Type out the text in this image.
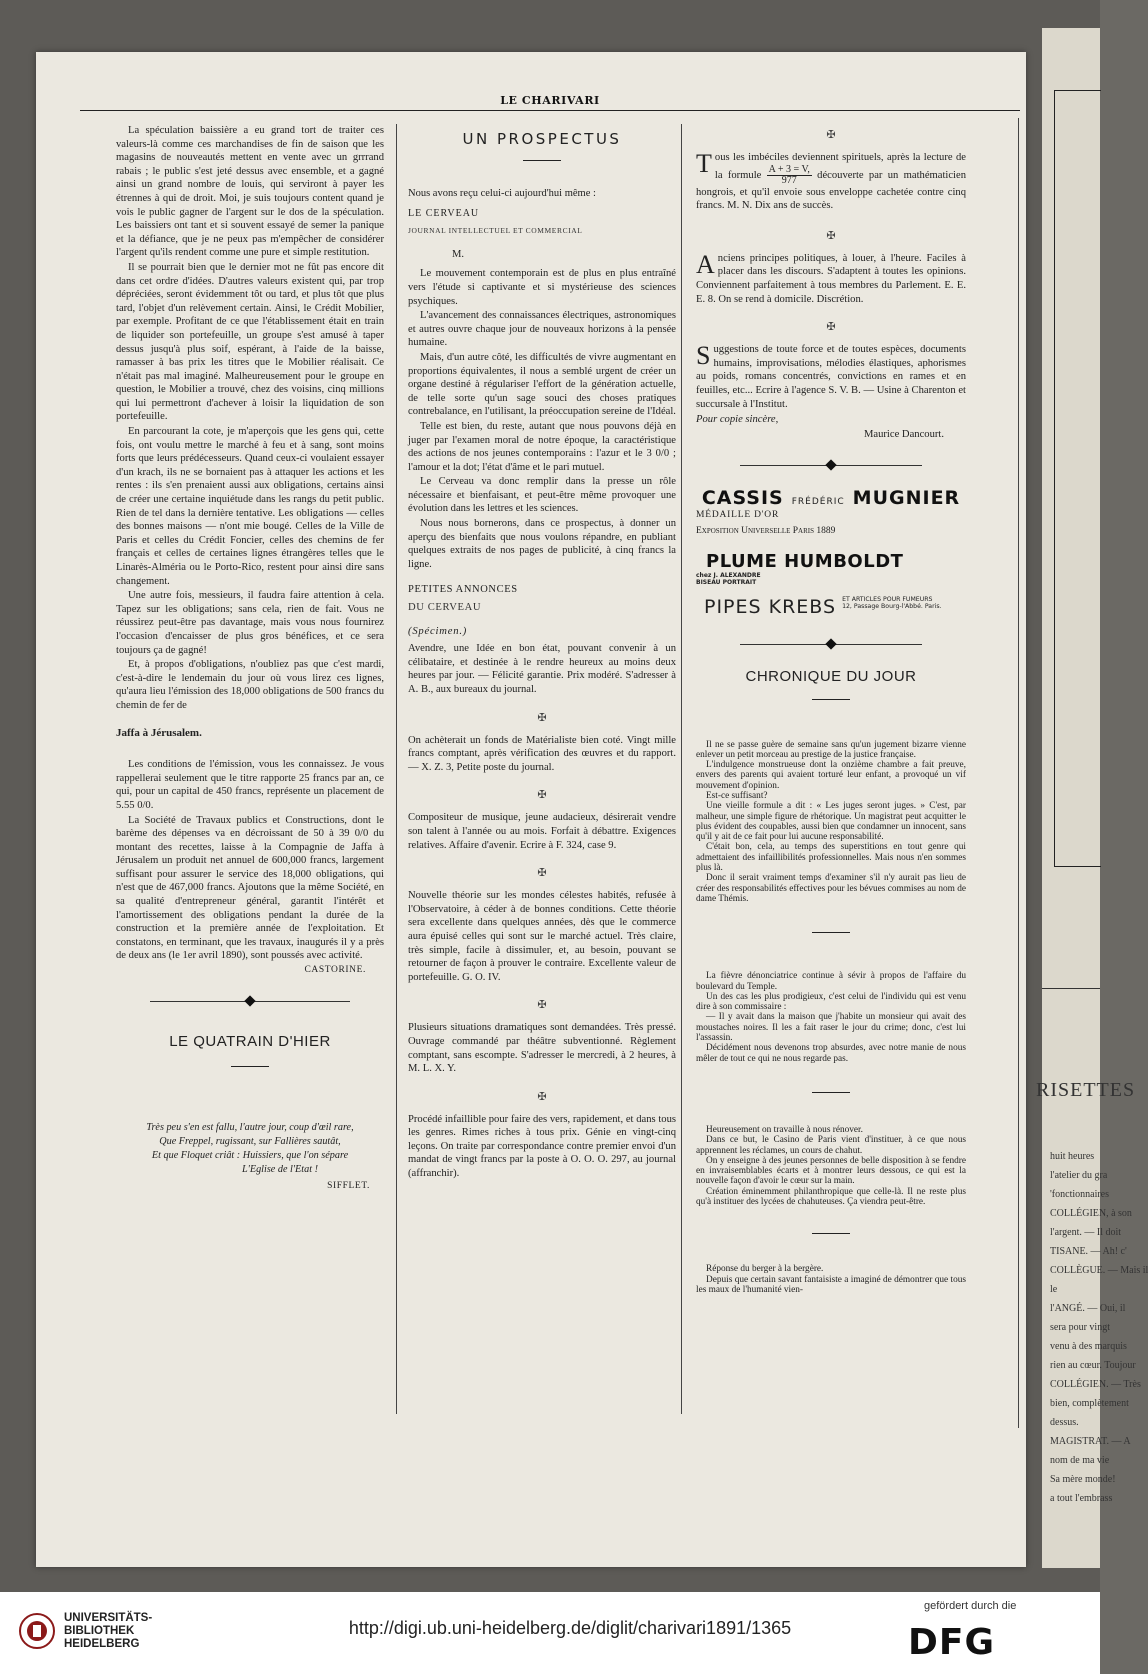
RISETTES
huit heures
l'atelier du gra
'fonctionnaires
COLLÉGIEN, à son
l'argent. — Il doit
TISANE. — Ah! c'
COLLÈGUE. — Mais il
le
l'ANGÉ. — Oui, il
sera pour vingt
venu à des marquis
rien au cœur. Toujour
COLLÉGIEN. — Très
bien, complètement
dessus.
MAGISTRAT. — A
nom de ma vie
Sa mère monde!
a tout l'embrass
LE CHARIVARI

La spéculation baissière a eu grand tort de traiter ces valeurs-là comme ces marchandises de fin de saison que les magasins de nouveautés mettent en vente avec un grrrand rabais ; le public s'est jeté dessus avec ensemble, et a gagné ainsi un grand nombre de louis, qui serviront à payer les étrennes à qui de droit. Moi, je suis toujours content quand je vois le public gagner de l'argent sur le dos de la spéculation. Les baissiers ont tant et si souvent essayé de semer la panique et la défiance, que je ne peux pas m'empêcher de considérer l'argent qu'ils rendent comme une pure et simple restitution.

Il se pourrait bien que le dernier mot ne fût pas encore dit dans cet ordre d'idées. D'autres valeurs existent qui, par trop dépréciées, seront évidemment tôt ou tard, et plus tôt que plus tard, l'objet d'un relèvement certain. Ainsi, le Crédit Mobilier, par exemple. Profitant de ce que l'établissement était en train de liquider son portefeuille, un groupe s'est amusé à taper dessus jusqu'à plus soif, espérant, à l'aide de la baisse, ramasser à bas prix les titres que le Mobilier réalisait. Ce n'était pas mal imaginé. Malheureusement pour le groupe en question, le Mobilier a trouvé, chez des voisins, cinq millions qui lui permettront d'achever à loisir la liquidation de son portefeuille.

En parcourant la cote, je m'aperçois que les gens qui, cette fois, ont voulu mettre le marché à feu et à sang, sont moins forts que leurs prédécesseurs. Quand ceux-ci voulaient essayer d'un krach, ils ne se bornaient pas à attaquer les actions et les rentes : ils s'en prenaient aussi aux obligations, certains ainsi de créer une certaine inquiétude dans les rangs du petit public. Rien de tel dans la dernière tentative. Les obligations — celles des bonnes maisons — n'ont mie bougé. Celles de la Ville de Paris et celles du Crédit Foncier, celles des chemins de fer français et celles de certaines lignes étrangères telles que le Linarès-Alméria ou le Porto-Rico, restent pour ainsi dire sans changement.

Une autre fois, messieurs, il faudra faire attention à cela. Tapez sur les obligations; sans cela, rien de fait. Vous ne réussirez peut-être pas davantage, mais vous nous fournirez l'occasion d'encaisser de plus gros bénéfices, et ce sera toujours ça de gagné!

Et, à propos d'obligations, n'oubliez pas que c'est mardi, c'est-à-dire le lendemain du jour où vous lirez ces lignes, qu'aura lieu l'émission des 18,000 obligations de 500 francs du chemin de fer de

Jaffa à Jérusalem.

Les conditions de l'émission, vous les connaissez. Je vous rappellerai seulement que le titre rapporte 25 francs par an, ce qui, pour un capital de 450 francs, représente un placement de 5.55 0/0.

La Société de Travaux publics et Constructions, dont le barème des dépenses va en décroissant de 50 à 39 0/0 du montant des recettes, laisse à la Compagnie de Jaffa à Jérusalem un produit net annuel de 600,000 francs, largement suffisant pour assurer le service des 18,000 obligations, qui n'est que de 467,000 francs. Ajoutons que la même Société, en sa qualité d'entrepreneur général, garantit l'intérêt et l'amortissement des obligations pendant la durée de la construction et la première année de l'exploitation. Et constatons, en terminant, que les travaux, inaugurés il y a près de deux ans (le 1er avril 1890), sont poussés avec activité.

CASTORINE.
LE QUATRAIN D'HIER
Très peu s'en est fallu, l'autre jour, coup d'œil rare,
Que Freppel, rugissant, sur Fallières sautât,
Et que Floquet criât : Huissiers, que l'on sépare
L'Eglise de l'Etat !
SIFFLET.
UN PROSPECTUS

Nous avons reçu celui-ci aujourd'hui même :

LE CERVEAU

JOURNAL INTELLECTUEL ET COMMERCIAL

M.

Le mouvement contemporain est de plus en plus entraîné vers l'étude si captivante et si mystérieuse des sciences psychiques.

L'avancement des connaissances électriques, astronomiques et autres ouvre chaque jour de nouveaux horizons à la pensée humaine.

Mais, d'un autre côté, les difficultés de vivre augmentant en proportions équivalentes, il nous a semblé urgent de créer un organe destiné à régulariser l'effort de la génération actuelle, de telle sorte qu'un sage souci des choses pratiques contrebalance, en l'utilisant, la préoccupation sereine de l'Idéal.

Telle est bien, du reste, autant que nous pouvons déjà en juger par l'examen moral de notre époque, la caractéristique des actions de nos jeunes contemporains : l'azur et le 3 0/0 ; l'amour et la dot; l'état d'âme et le pari mutuel.

Le Cerveau va donc remplir dans la presse un rôle nécessaire et bienfaisant, et peut-être même provoquer une évolution dans les lettres et les sciences.

Nous nous bornerons, dans ce prospectus, à donner un aperçu des bienfaits que nous voulons répandre, en publiant quelques extraits de nos pages de publicité, à cinq francs la ligne.

PETITES ANNONCES

DU CERVEAU

(Spécimen.)

Avendre, une Idée en bon état, pouvant convenir à un célibataire, et destinée à le rendre heureux au moins deux heures par jour. — Félicité garantie. Prix modéré. S'adresser à A. B., aux bureaux du journal.

✠

On achèterait un fonds de Matérialiste bien coté. Vingt mille francs comptant, après vérification des œuvres et du rapport. — X. Z. 3, Petite poste du journal.

✠

Compositeur de musique, jeune audacieux, désirerait vendre son talent à l'année ou au mois. Forfait à débattre. Exigences relatives. Affaire d'avenir. Ecrire à F. 324, case 9.

✠

Nouvelle théorie sur les mondes célestes habités, refusée à l'Observatoire, à céder à de bonnes conditions. Cette théorie sera excellente dans quelques années, dès que le commerce aura épuisé celles qui sont sur le marché actuel. Très claire, très simple, facile à dissimuler, et, au besoin, pouvant se retourner de façon à prouver le contraire. Excellente valeur de portefeuille. G. O. IV.

✠

Plusieurs situations dramatiques sont demandées. Très pressé. Ouvrage commandé par théâtre subventionné. Règlement comptant, sans escompte. S'adresser le mercredi, à 2 heures, à M. L. X. Y.

✠

Procédé infaillible pour faire des vers, rapidement, et dans tous les genres. Rimes riches à tous prix. Génie en vingt-cinq leçons. On traite par correspondance contre premier envoi d'un mandat de vingt francs par la poste à O. O. O. 297, au journal (affranchir).

✠

Tous les imbéciles deviennent spirituels, après la lecture de la formule $\frac{A + 3 = V,}{977}$ découverte par un mathématicien hongrois, et qu'il envoie sous enveloppe cachetée contre cinq francs. M. N. Dix ans de succès.

✠

Anciens principes politiques, à louer, à l'heure. Faciles à placer dans les discours. S'adaptent à toutes les opinions. Conviennent parfaitement à tous membres du Parlement. E. E. E. 8. On se rend à domicile. Discrétion.

✠

Suggestions de toute force et de toutes espèces, documents humains, improvisations, mélodies élastiques, aphorismes au poids, romans concentrés, convictions en rames et en feuilles, etc... Ecrire à l'agence S. V. B. — Usine à Charenton et succursale à l'Institut.

Pour copie sincère,

Maurice Dancourt.

CASSIS FRÉDÉRIC MUGNIER

MÉDAILLE D'OR

Exposition Universelle Paris 1889

PLUME HUMBOLDT chez J. ALEXANDRE
BISEAU PORTRAIT
PIPES KREBS ET ARTICLES POUR FUMEURS
12, Passage Bourg-l'Abbé. Paris.
CHRONIQUE DU JOUR

Il ne se passe guère de semaine sans qu'un jugement bizarre vienne enlever un petit morceau au prestige de la justice française.

L'indulgence monstrueuse dont la onzième chambre a fait preuve, envers des parents qui avaient torturé leur enfant, a provoqué un vif mouvement d'opinion.

Est-ce suffisant?

Une vieille formule a dit : « Les juges seront juges. » C'est, par malheur, une simple figure de rhétorique. Un magistrat peut acquitter le plus évident des coupables, aussi bien que condamner un innocent, sans qu'il y ait de ce fait pour lui aucune responsabilité.

C'était bon, cela, au temps des superstitions en tout genre qui admettaient des infaillibilités professionnelles. Mais nous n'en sommes plus là.

Donc il serait vraiment temps d'examiner s'il n'y aurait pas lieu de créer des responsabilités effectives pour les bévues commises au nom de dame Thémis.

La fièvre dénonciatrice continue à sévir à propos de l'affaire du boulevard du Temple.

Un des cas les plus prodigieux, c'est celui de l'individu qui est venu dire à son commissaire :

— Il y avait dans la maison que j'habite un monsieur qui avait des moustaches noires. Il les a fait raser le jour du crime; donc, c'est lui l'assassin.

Décidément nous devenons trop absurdes, avec notre manie de nous mêler de tout ce qui ne nous regarde pas.

Heureusement on travaille à nous rénover.

Dans ce but, le Casino de Paris vient d'instituer, à ce que nous apprennent les réclames, un cours de chahut.

On y enseigne à des jeunes personnes de belle disposition à se fendre en invraisemblables écarts et à montrer leurs dessous, ce qui est la nouvelle façon d'avoir le cœur sur la main.

Création éminemment philanthropique que celle-là. Il ne reste plus qu'à instituer des lycées de chahuteuses. Ça viendra peut-être.

Réponse du berger à la bergère.

Depuis que certain savant fantaisiste a imaginé de démontrer que tous les maux de l'humanité vien-

UNIVERSITÄTS-
BIBLIOTHEK
HEIDELBERG
http://digi.ub.uni-heidelberg.de/diglit/charivari1891/1365
gefördert durch die
DFG
